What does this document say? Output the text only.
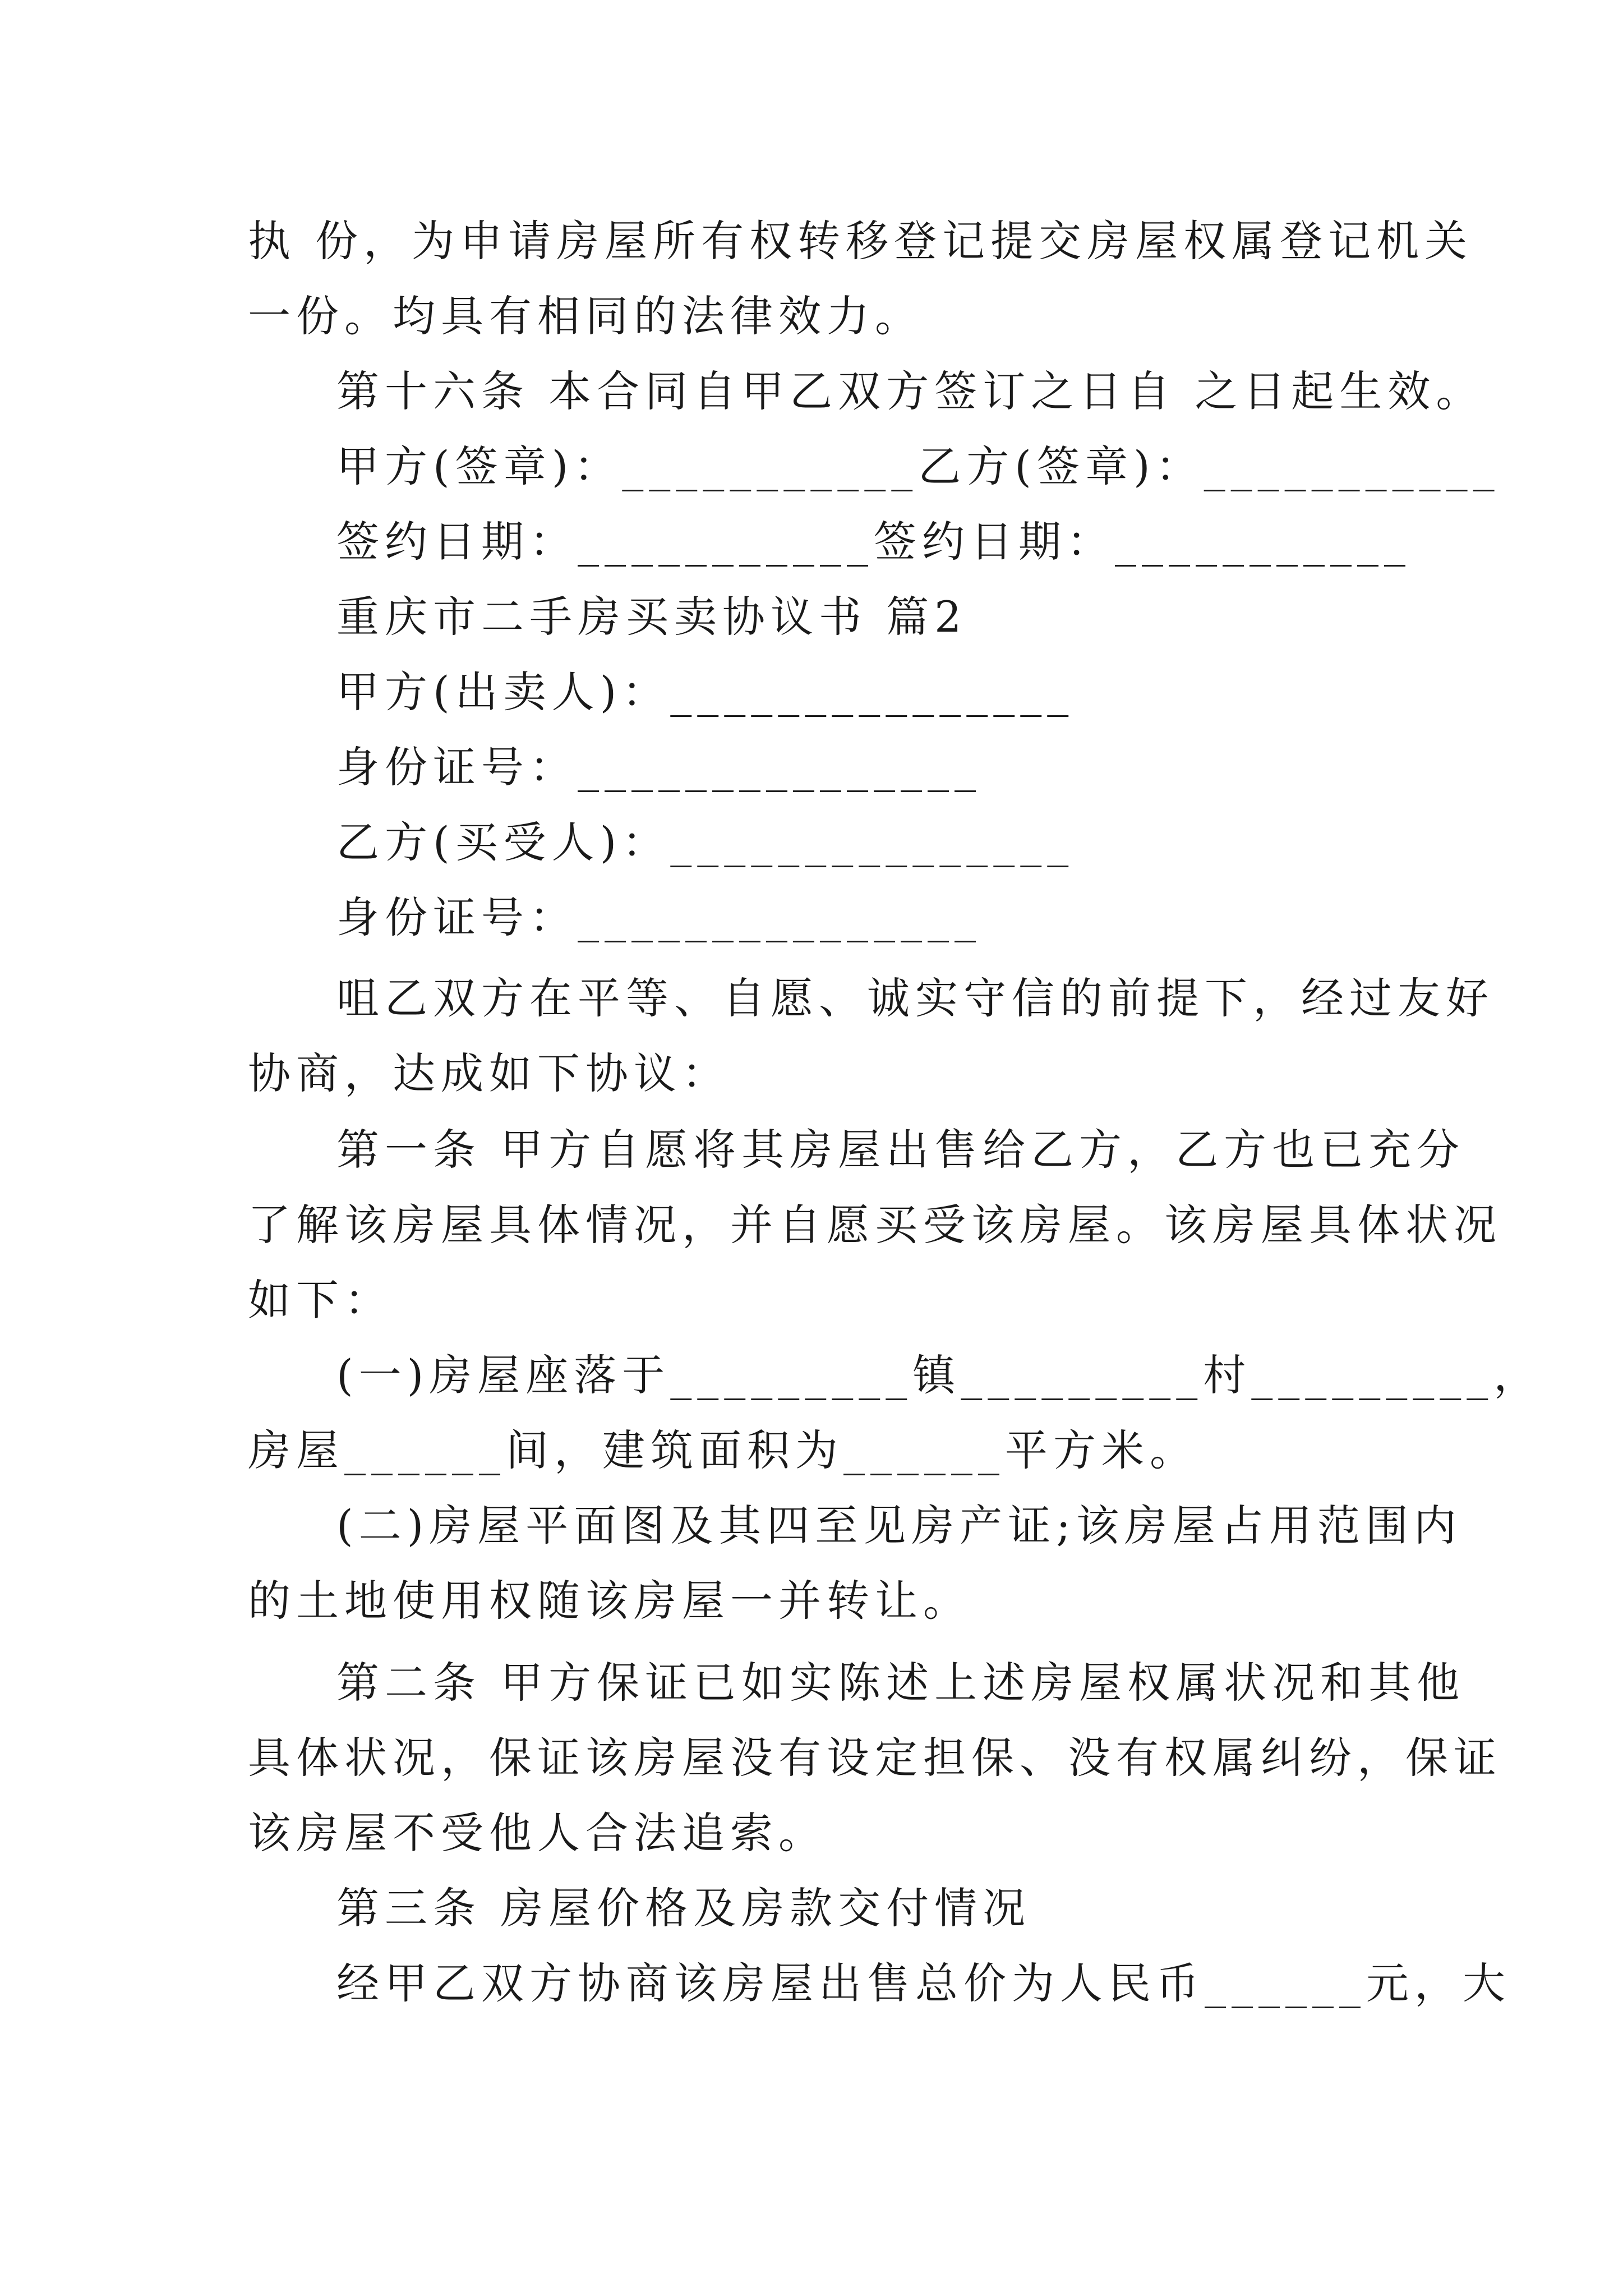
执 份，为申请房屋所有权转移登记提交房屋权属登记机关
一份。均具有相同的法律效力。
第十六条 本合同自甲乙双方签订之日自 之日起生效。
甲方(签章)：___________乙方(签章)：___________
签约日期：___________签约日期：___________
重庆市二手房买卖协议书 篇2
甲方(出卖人)：_______________
身份证号：_______________
乙方(买受人)：_______________
身份证号：_______________
咀乙双方在平等、自愿、诚实守信的前提下，经过友好
协商，达成如下协议：
第一条 甲方自愿将其房屋出售给乙方，乙方也已充分
了解该房屋具体情况，并自愿买受该房屋。该房屋具体状况
如下：
(一)房屋座落于_________镇_________村_________，
房屋______间，建筑面积为______平方米。
(二)房屋平面图及其四至见房产证;该房屋占用范围内
的土地使用权随该房屋一并转让。
第二条 甲方保证已如实陈述上述房屋权属状况和其他
具体状况，保证该房屋没有设定担保、没有权属纠纷，保证
该房屋不受他人合法追索。
第三条 房屋价格及房款交付情况
经甲乙双方协商该房屋出售总价为人民币______元，大
